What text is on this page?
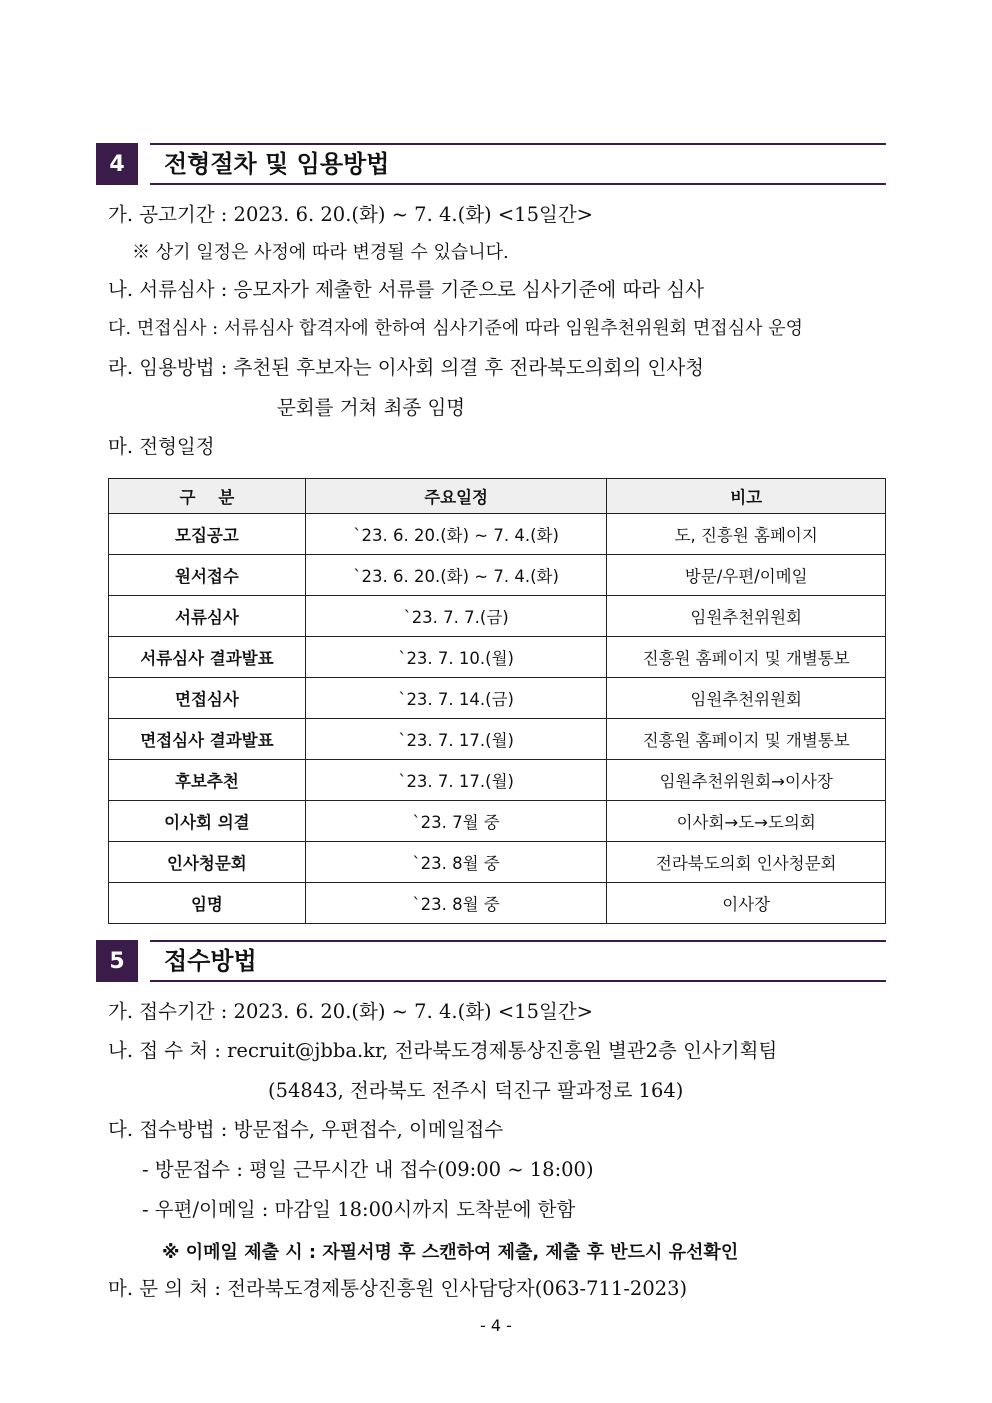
4	전형절차 및 임용방법
가. 공고기간 : 2023. 6. 20.(화) ~ 7. 4.(화) <15일간>
※ 상기 일정은 사정에 따라 변경될 수 있습니다.
나. 서류심사 : 응모자가 제출한 서류를 기준으로 심사기준에 따라 심사
다. 면접심사 : 서류심사 합격자에 한하여 심사기준에 따라 임원추천위원회 면접심사 운영
라. 임용방법 : 추천된 후보자는 이사회 의결 후 전라북도의회의 인사청
문회를 거쳐 최종 임명
마. 전형일정
구    분	주요일정	비고
모집공고	`23. 6. 20.(화) ~ 7. 4.(화)	도, 진흥원 홈페이지
원서접수	`23. 6. 20.(화) ~ 7. 4.(화)	방문/우편/이메일
서류심사	`23. 7. 7.(금)	임원추천위원회
서류심사 결과발표	`23. 7. 10.(월)	진흥원 홈페이지 및 개별통보
면접심사	`23. 7. 14.(금)	임원추천위원회
면접심사 결과발표	`23. 7. 17.(월)	진흥원 홈페이지 및 개별통보
후보추천	`23. 7. 17.(월)	임원추천위원회→이사장
이사회 의결	`23. 7월 중	이사회→도→도의회
인사청문회	`23. 8월 중	전라북도의회 인사청문회
임명	`23. 8월 중	이사장
5	접수방법
가. 접수기간 : 2023. 6. 20.(화) ~ 7. 4.(화) <15일간>
나. 접 수 처 : recruit@jbba.kr, 전라북도경제통상진흥원 별관2층 인사기획팀
(54843, 전라북도 전주시 덕진구 팔과정로 164)
다. 접수방법 : 방문접수, 우편접수, 이메일접수
- 방문접수 : 평일 근무시간 내 접수(09:00 ~ 18:00)
- 우편/이메일 : 마감일 18:00시까지 도착분에 한함
※ 이메일 제출 시 : 자필서명 후 스캔하여 제출, 제출 후 반드시 유선확인
마. 문 의 처 : 전라북도경제통상진흥원 인사담당자(063-711-2023)
- 4 -
